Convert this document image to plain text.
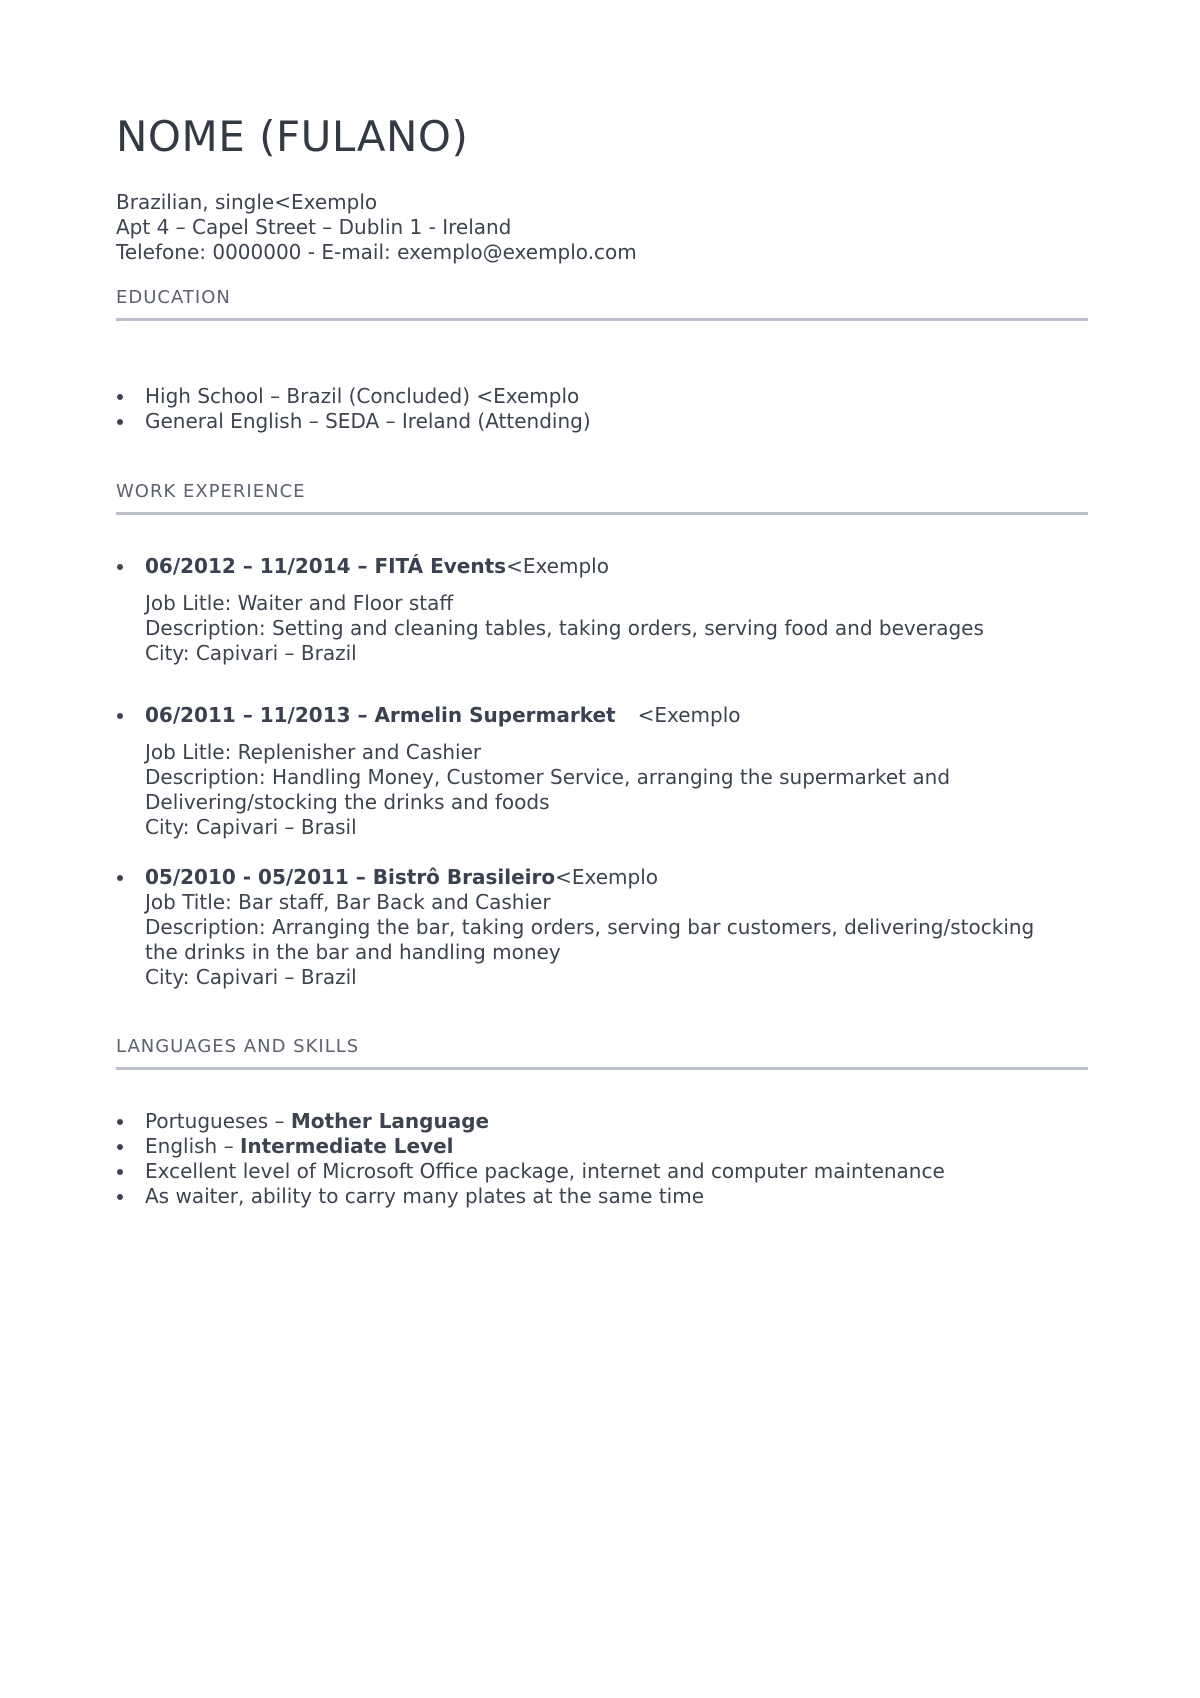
NOME (FULANO)
Brazilian, single<Exemplo
Apt 4 – Capel Street – Dublin 1 - Ireland
Telefone: 0000000 - E-mail: exemplo@exemplo.com
EDUCATION
High School – Brazil (Concluded) <Exemplo
General English – SEDA – Ireland (Attending)
WORK EXPERIENCE
06/2012 – 11/2014 – FITÁ Events<Exemplo
Job Litle: Waiter and Floor staff
Description: Setting and cleaning tables, taking orders, serving food and beverages
City: Capivari – Brazil
06/2011 – 11/2013 – Armelin Supermarket <Exemplo
Job Litle: Replenisher and Cashier
Description: Handling Money, Customer Service, arranging the supermarket and
Delivering/stocking the drinks and foods
City: Capivari – Brasil
05/2010 - 05/2011 – Bistrô Brasileiro<Exemplo
Job Title: Bar staff, Bar Back and Cashier
Description: Arranging the bar, taking orders, serving bar customers, delivering/stocking
the drinks in the bar and handling money
City: Capivari – Brazil
LANGUAGES AND SKILLS
Portugueses – Mother Language
English – Intermediate Level
Excellent level of Microsoft Office package, internet and computer maintenance
As waiter, ability to carry many plates at the same time
